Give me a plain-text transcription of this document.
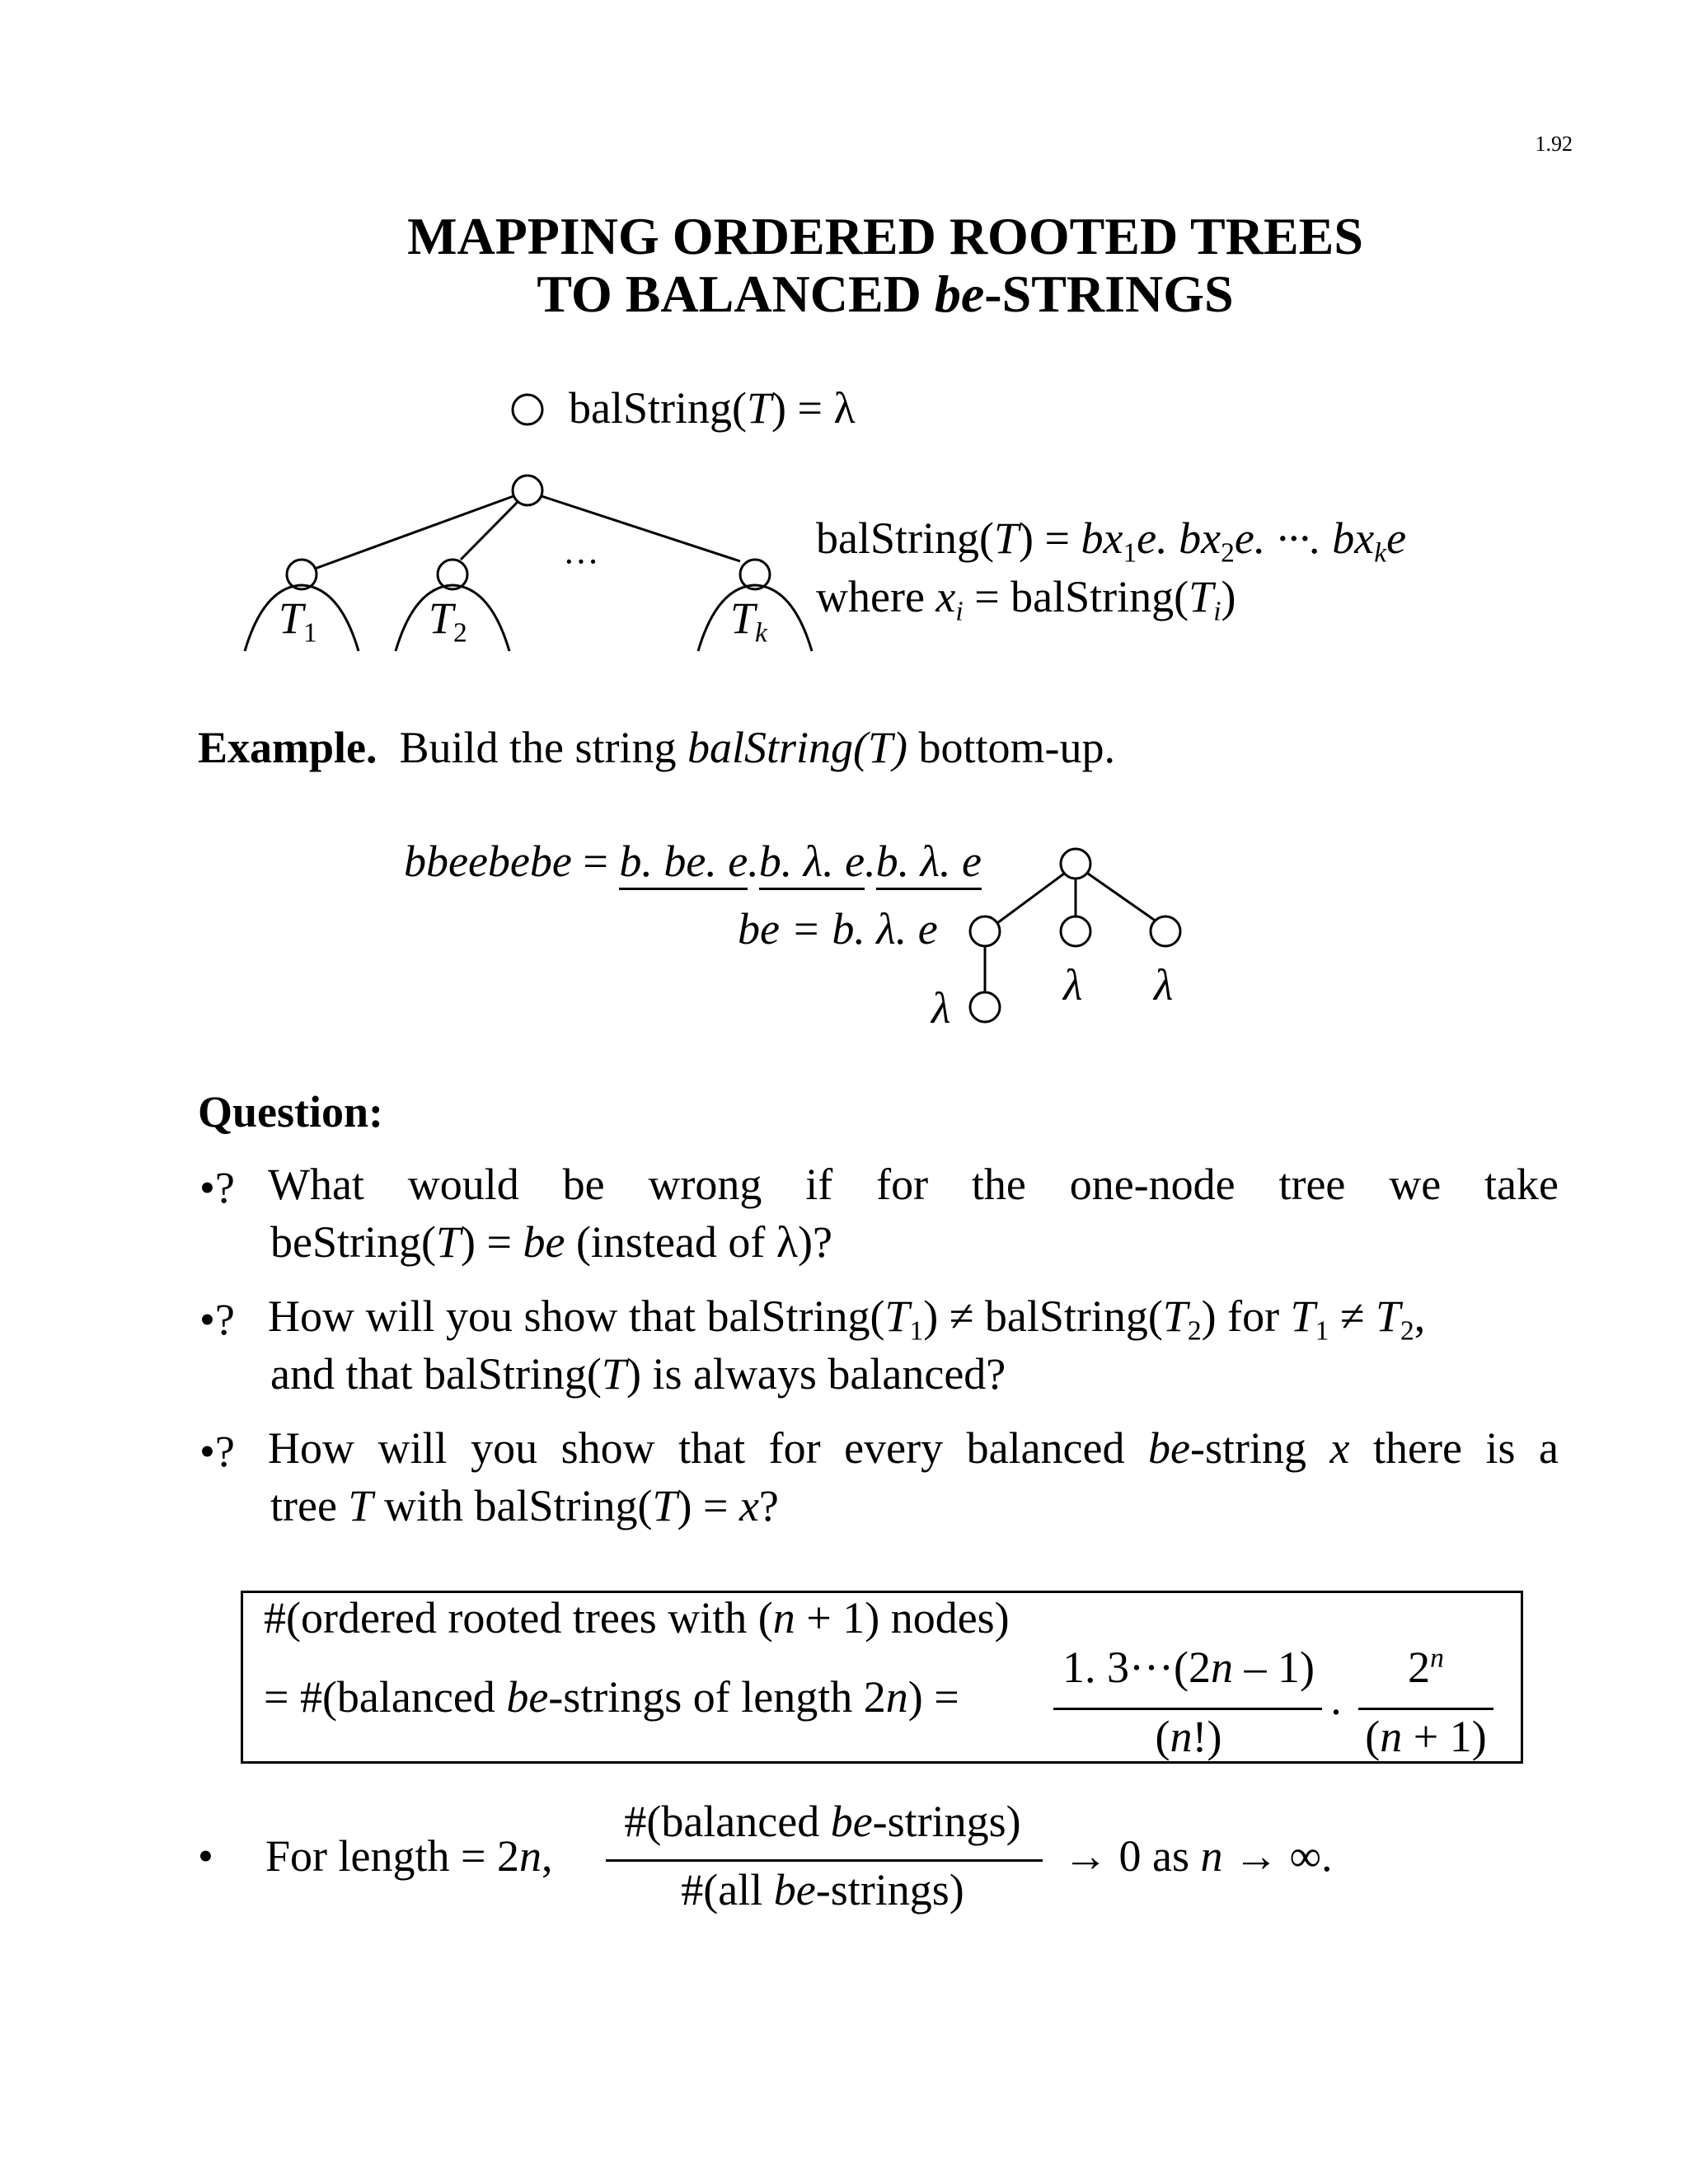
1.92
MAPPING ORDERED ROOTED TREES
TO BALANCED be-STRINGS
balString(T) = λ
···
$T_1$	$T_2$	$T_k$
balString(T) = $bx_1e$. $bx_2e$. ···. $bx_ke$
where $x_i$ = $balString(T_i)$
Example.  Build the string balString(T) bottom-up.
bbeebebe = b. be. e.b. λ. e.b. λ. e
be = b. λ. e
λ λ
λ
Question:
•? What would be wrong if for the one-node tree we take
beString(T) = be (instead of λ)?
•? How will you show that $balString(T_1)$ ≠ $balString(T_2)$ for $T_1 \ne T_2$,
and that balString(T) is always balanced?
•? How will you show that for every balanced be-string x there is a
tree T with balString(T) = x?
#(ordered rooted trees with (n + 1) nodes)
= #(balanced be-strings of length 2n) =
1. 3···(2n – 1)
(n!)	·
$2^n$
(n + 1)
• For length = 2n,
#(balanced be-strings)
#(all be-strings)
→ 0 as n → ∞.
